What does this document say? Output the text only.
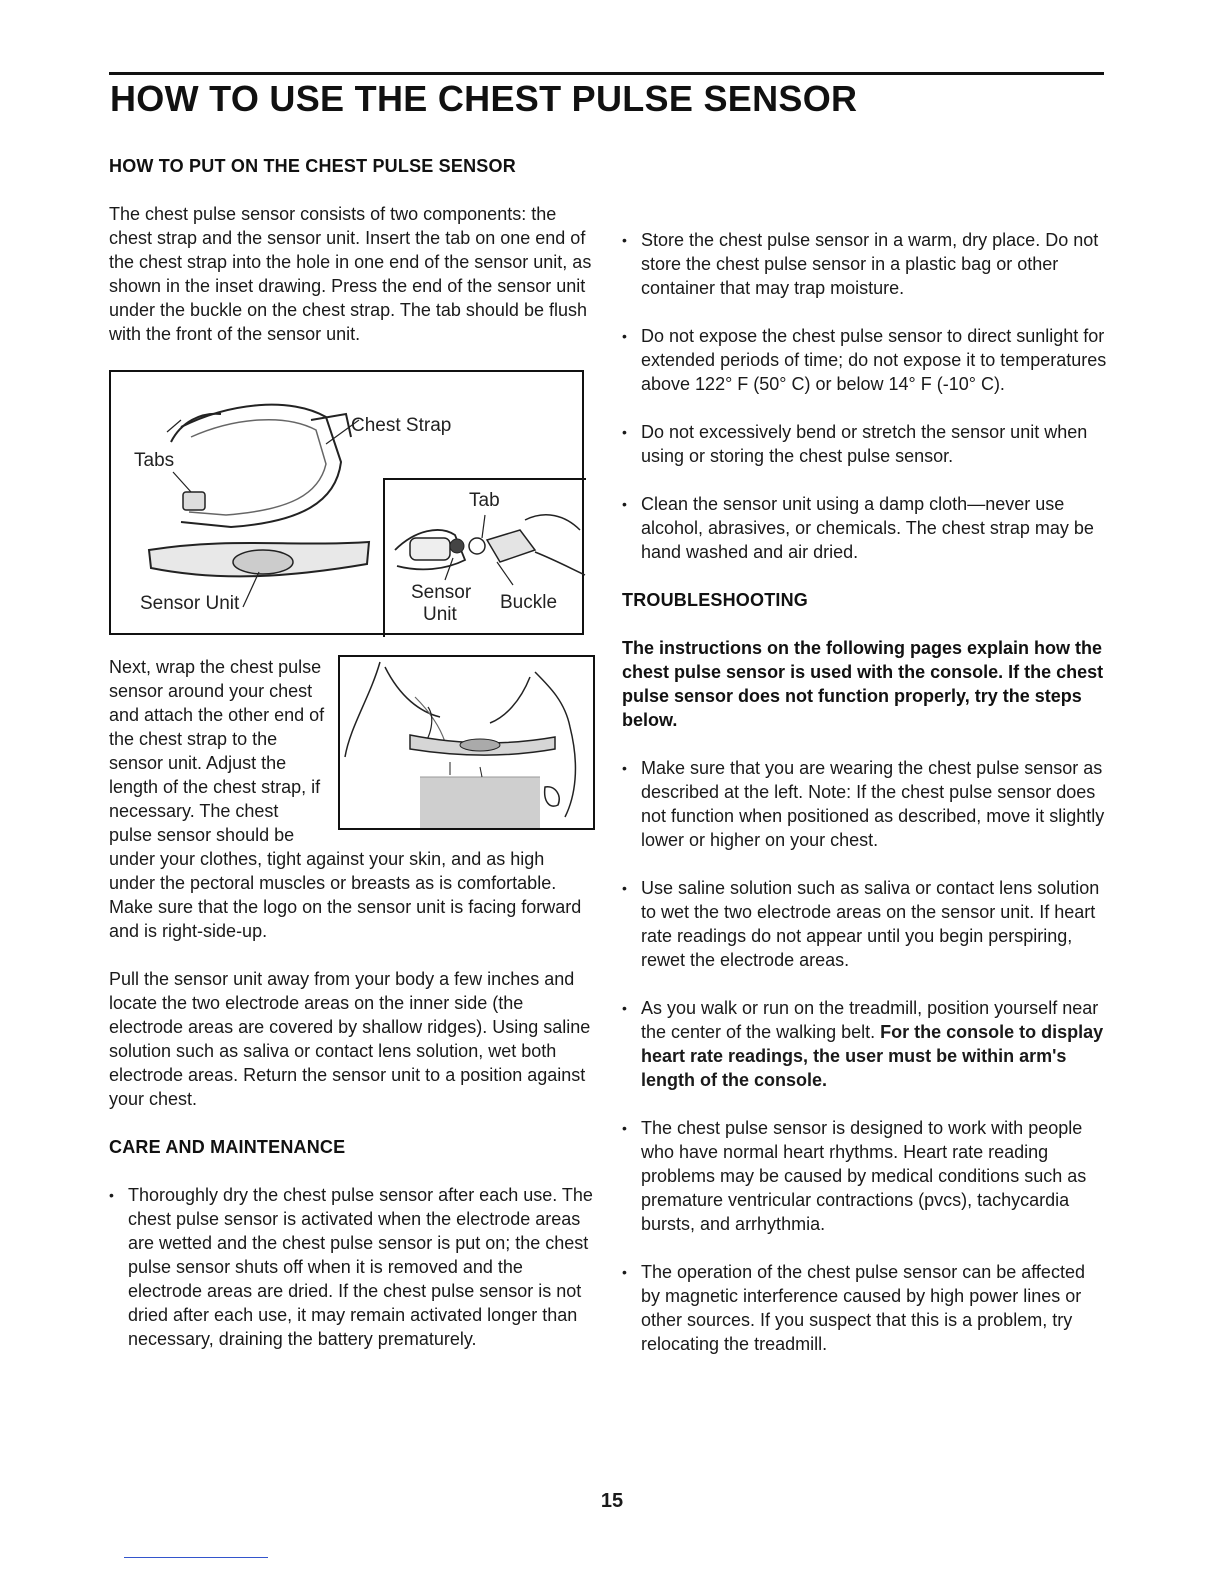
HOW TO USE THE CHEST PULSE SENSOR
HOW TO PUT ON THE CHEST PULSE SENSOR

The chest pulse sensor consists of two components: the chest strap and the sensor unit. Insert the tab on one end of the chest strap into the hole in one end of the sensor unit, as shown in the inset drawing. Press the end of the sensor unit under the buckle on the chest strap. The tab should be flush with the front of the sensor unit.

Chest Strap
Tabs
Sensor Unit
Tab
Sensor
Unit
Buckle

Next, wrap the chest pulse sensor around your chest and attach the other end of the chest strap to the sensor unit. Adjust the length of the chest strap, if necessary. The chest pulse sensor should be under your clothes, tight against your skin, and as high under the pectoral muscles or breasts as is comfortable. Make sure that the logo on the sensor unit is facing forward and is right-side-up.

Pull the sensor unit away from your body a few inches and locate the two electrode areas on the inner side (the electrode areas are covered by shallow ridges). Using saline solution such as saliva or contact lens solution, wet both electrode areas. Return the sensor unit to a position against your chest.

CARE AND MAINTENANCE
• Thoroughly dry the chest pulse sensor after each use. The chest pulse sensor is activated when the electrode areas are wetted and the chest pulse sensor is put on; the chest pulse sensor shuts off when it is removed and the electrode areas are dried. If the chest pulse sensor is not dried after each use, it may remain activated longer than necessary, draining the battery prematurely.
• Store the chest pulse sensor in a warm, dry place. Do not store the chest pulse sensor in a plastic bag or other container that may trap moisture.
• Do not expose the chest pulse sensor to direct sunlight for extended periods of time; do not expose it to temperatures above 122° F (50° C) or below 14° F (-10° C).
• Do not excessively bend or stretch the sensor unit when using or storing the chest pulse sensor.
• Clean the sensor unit using a damp cloth—never use alcohol, abrasives, or chemicals. The chest strap may be hand washed and air dried.
TROUBLESHOOTING

The instructions on the following pages explain how the chest pulse sensor is used with the console. If the chest pulse sensor does not function properly, try the steps below.

• Make sure that you are wearing the chest pulse sensor as described at the left. Note: If the chest pulse sensor does not function when positioned as described, move it slightly lower or higher on your chest.
• Use saline solution such as saliva or contact lens solution to wet the two electrode areas on the sensor unit. If heart rate readings do not appear until you begin perspiring, rewet the electrode areas.
• As you walk or run on the treadmill, position yourself near the center of the walking belt. For the console to display heart rate readings, the user must be within arm's length of the console.
• The chest pulse sensor is designed to work with people who have normal heart rhythms. Heart rate reading problems may be caused by medical conditions such as premature ventricular contractions (pvcs), tachycardia bursts, and arrhythmia.
• The operation of the chest pulse sensor can be affected by magnetic interference caused by high power lines or other sources. If you suspect that this is a problem, try relocating the treadmill.
15
